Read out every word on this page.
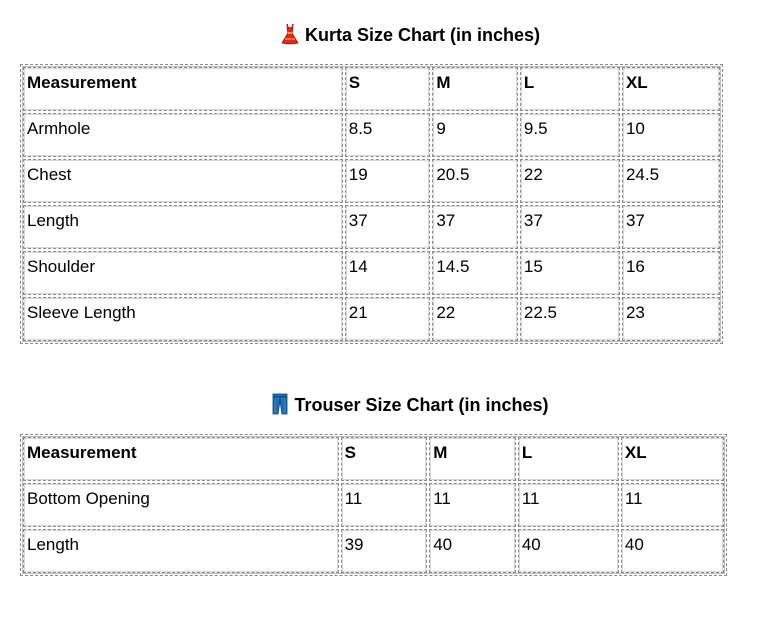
Kurta Size Chart (in inches)
Measurement	S	M	L	XL
Armhole	8.5	9	9.5	10
Chest	19	20.5	22	24.5
Length	37	37	37	37
Shoulder	14	14.5	15	16
Sleeve Length	21	22	22.5	23
Trouser Size Chart (in inches)
Measurement	S	M	L	XL
Bottom Opening	11	11	11	11
Length	39	40	40	40
